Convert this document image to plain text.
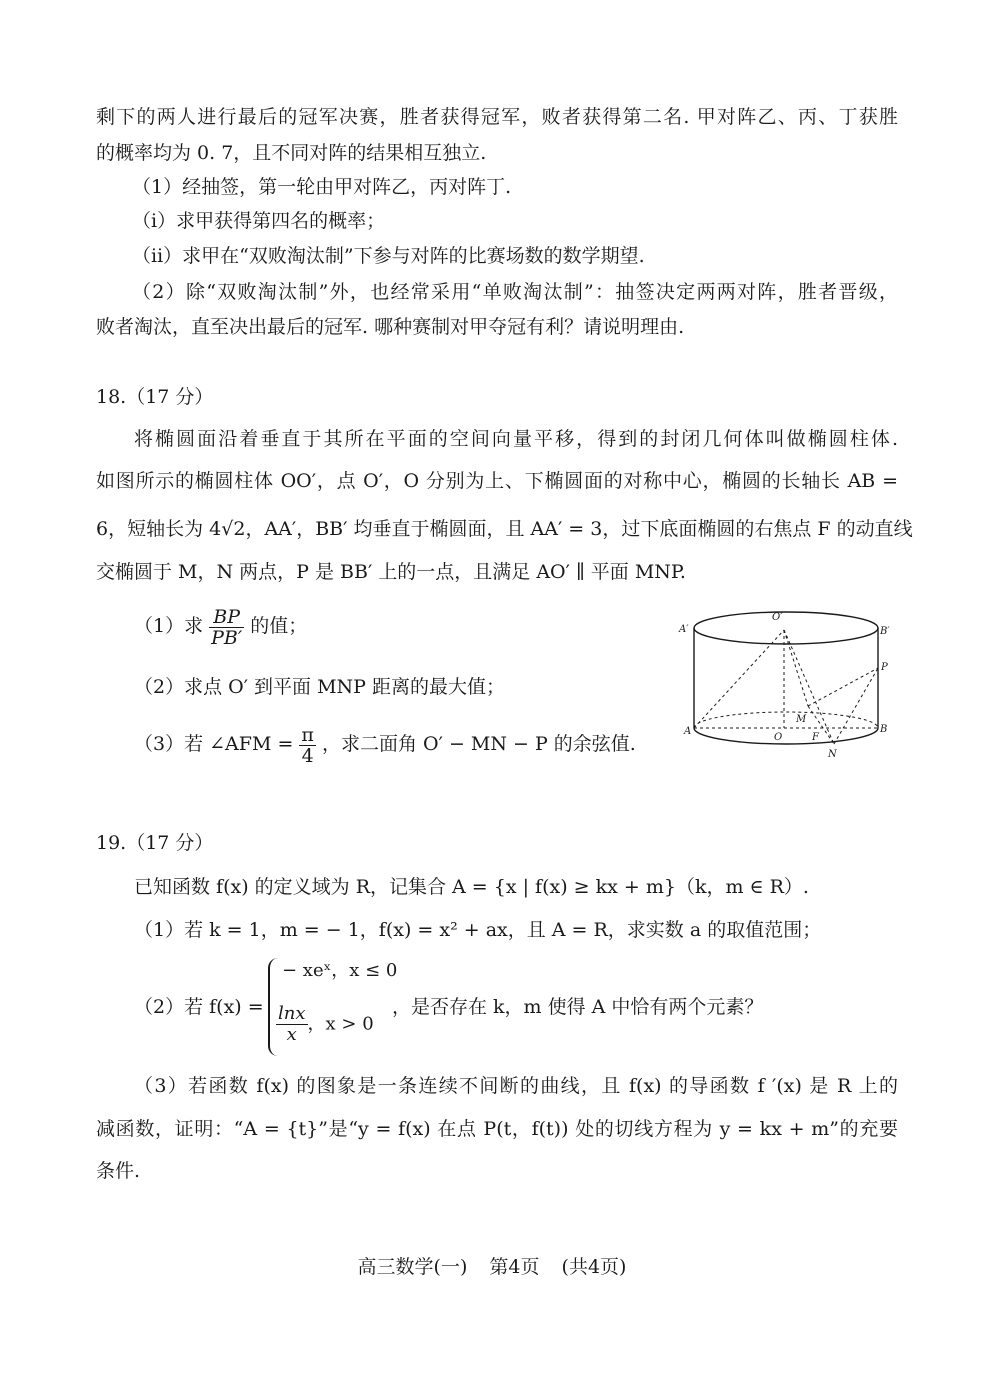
剩下的两人进行最后的冠军决赛，胜者获得冠军，败者获得第二名. 甲对阵乙、丙、丁获胜
的概率均为 0. 7，且不同对阵的结果相互独立.
（1）经抽签，第一轮由甲对阵乙，丙对阵丁.
（ⅰ）求甲获得第四名的概率；
（ⅱ）求甲在“双败淘汰制”下参与对阵的比赛场数的数学期望.
（2）除“双败淘汰制”外，也经常采用“单败淘汰制”：抽签决定两两对阵，胜者晋级，
败者淘汰，直至决出最后的冠军. 哪种赛制对甲夺冠有利？请说明理由.
18.（17 分）
将椭圆面沿着垂直于其所在平面的空间向量平移，得到的封闭几何体叫做椭圆柱体.
如图所示的椭圆柱体 OO′，点 O′，O 分别为上、下椭圆面的对称中心，椭圆的长轴长 AB =
6，短轴长为 4√2，AA′，BB′ 均垂直于椭圆面，且 AA′ = 3，过下底面椭圆的右焦点 F 的动直线
交椭圆于 M，N 两点，P 是 BB′ 上的一点，且满足 AO′ ∥ 平面 MNP.
（1）求 $\frac{BP}{PB'}$ 的值；
（2）求点 O′ 到平面 MNP 距离的最大值；
（3）若 ∠AFM = $\frac{\pi}{4}$ ，求二面角 O′ − MN − P 的余弦值.
A′
O′
B′
P
M
A
O	F
B
N
19.（17 分）
已知函数 f(x) 的定义域为 R，记集合 A = {x | f(x) ≥ kx + m}（k，m ∈ R）.
（1）若 k = 1，m = − 1，f(x) = x² + ax，且 A = R，求实数 a 的取值范围；
（2）若 f(x) =
− xeˣ，x ≤ 0
$\frac{\ln x}{x}$ ，x > 0
，是否存在 k，m 使得 A 中恰有两个元素？
（3）若函数 f(x) 的图象是一条连续不间断的曲线，且 f(x) 的导函数 f ′(x) 是 R 上的
减函数，证明：“A = {t}”是“y = f(x) 在点 P(t，f(t)) 处的切线方程为 y = kx + m”的充要
条件.
高三数学(一) 第4页 (共4页)
